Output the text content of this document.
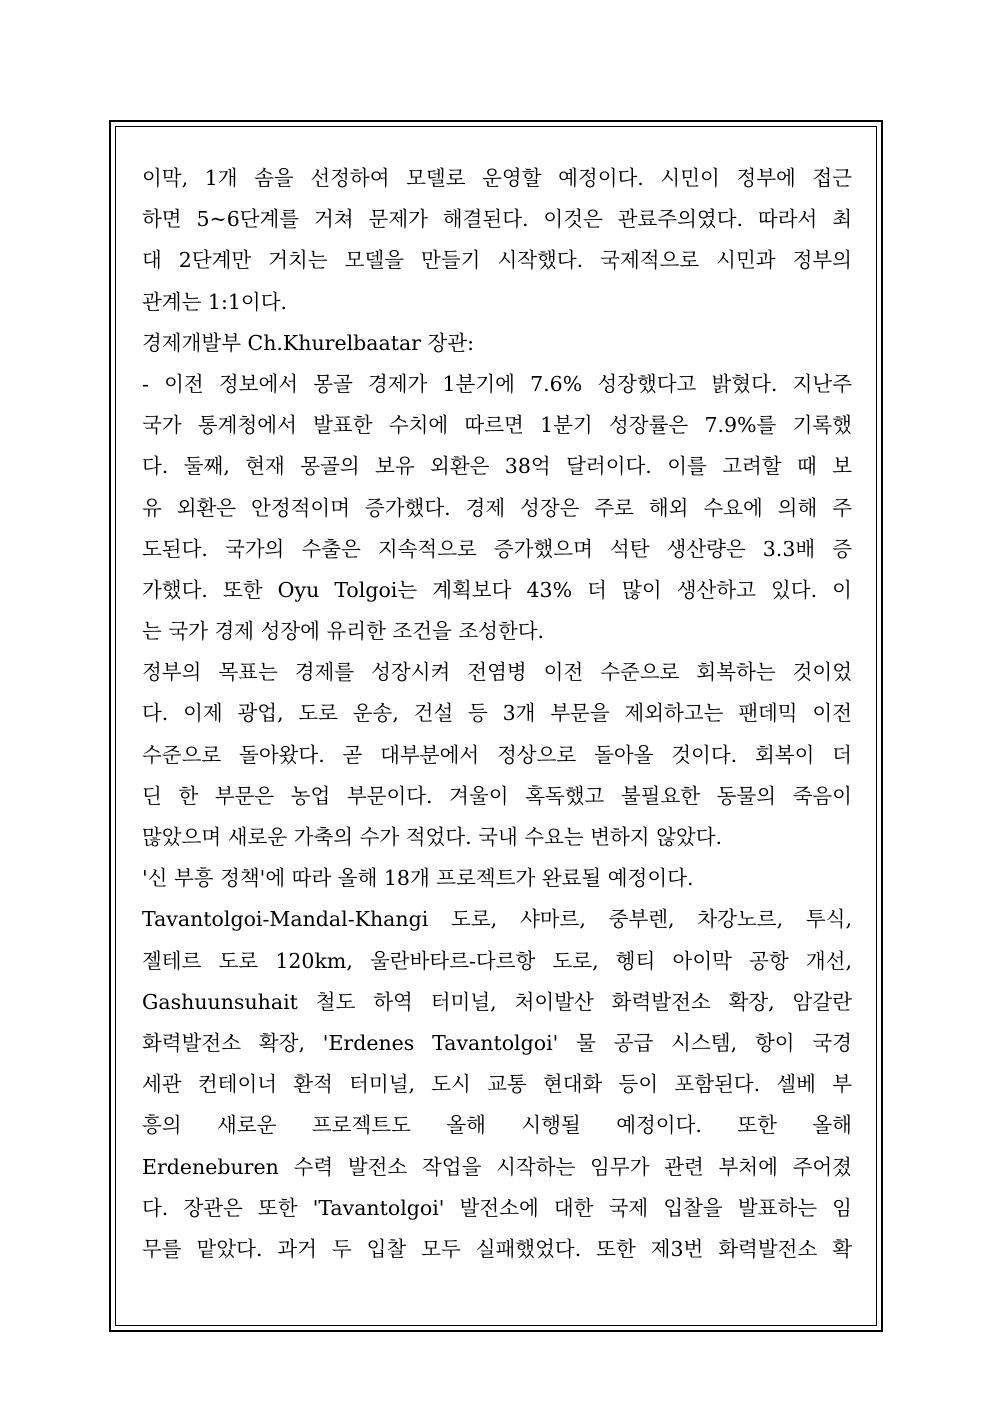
이막, 1개 솜을 선정하여 모델로 운영할 예정이다. 시민이 정부에 접근
하면 5~6단계를 거쳐 문제가 해결된다. 이것은 관료주의였다. 따라서 최
대 2단계만 거치는 모델을 만들기 시작했다. 국제적으로 시민과 정부의
관계는 1:1이다.
경제개발부 Ch.Khurelbaatar 장관:
- 이전 정보에서 몽골 경제가 1분기에 7.6% 성장했다고 밝혔다. 지난주
국가 통계청에서 발표한 수치에 따르면 1분기 성장률은 7.9%를 기록했
다. 둘째, 현재 몽골의 보유 외환은 38억 달러이다. 이를 고려할 때 보
유 외환은 안정적이며 증가했다. 경제 성장은 주로 해외 수요에 의해 주
도된다. 국가의 수출은 지속적으로 증가했으며 석탄 생산량은 3.3배 증
가했다. 또한 Oyu Tolgoi는 계획보다 43% 더 많이 생산하고 있다. 이
는 국가 경제 성장에 유리한 조건을 조성한다.
정부의 목표는 경제를 성장시켜 전염병 이전 수준으로 회복하는 것이었
다. 이제 광업, 도로 운송, 건설 등 3개 부문을 제외하고는 팬데믹 이전
수준으로 돌아왔다. 곧 대부분에서 정상으로 돌아올 것이다. 회복이 더
딘 한 부문은 농업 부문이다. 겨울이 혹독했고 불필요한 동물의 죽음이
많았으며 새로운 가축의 수가 적었다. 국내 수요는 변하지 않았다.
'신 부흥 정책'에 따라 올해 18개 프로젝트가 완료될 예정이다.
Tavantolgoi-Mandal-Khangi 도로, 샤마르, 중부렌, 차강노르, 투식,
젤테르 도로 120km, 울란바타르-다르항 도로, 헹티 아이막 공항 개선,
Gashuunsuhait 철도 하역 터미널, 처이발산 화력발전소 확장, 암갈란
화력발전소 확장, 'Erdenes Tavantolgoi' 물 공급 시스템, 항이 국경
세관 컨테이너 환적 터미널, 도시 교통 현대화 등이 포함된다. 셀베 부
흥의 새로운 프로젝트도 올해 시행될 예정이다. 또한 올해
Erdeneburen 수력 발전소 작업을 시작하는 임무가 관련 부처에 주어졌
다. 장관은 또한 'Tavantolgoi' 발전소에 대한 국제 입찰을 발표하는 임
무를 맡았다. 과거 두 입찰 모두 실패했었다. 또한 제3번 화력발전소 확
